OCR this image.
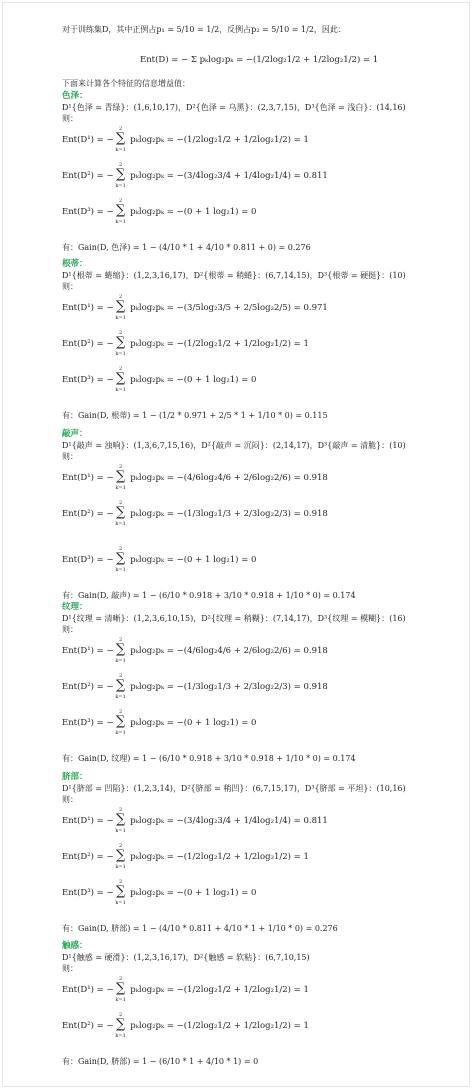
对于训练集D，其中正例占p₁ = 5/10 = 1/2，反例占p₂ = 5/10 = 1/2，因此：
Ent(D) = − Σ pₖlog₂pₖ = −(1/2log₂1/2 + 1/2log₂1/2) = 1
下面来计算各个特征的信息增益值：
色泽：
D¹{色泽 = 青绿}：(1,6,10,17)，D²{色泽 = 乌黑}：(2,3,7,15)，D³{色泽 = 浅白}：(14,16)
则：
Ent(D¹) = −
2
∑
k=1
pₖlog₂pₖ = −(1/2log₂1/2 + 1/2log₂1/2) = 1
Ent(D²) = −
2
∑
k=1
pₖlog₂pₖ = −(3/4log₂3/4 + 1/4log₂1/4) = 0.811
Ent(D³) = −
2
∑
k=1
pₖlog₂pₖ = −(0 + 1 log₂1) = 0
有：Gain(D, 色泽) = 1 − (4/10 * 1 + 4/10 * 0.811 + 0) = 0.276
根蒂：
D¹{根蒂 = 蜷缩}：(1,2,3,16,17)，D²{根蒂 = 稍蜷}：(6,7,14,15)，D³{根蒂 = 硬挺}：(10)
则：
Ent(D¹) = −
2
∑
k=1
pₖlog₂pₖ = −(3/5log₂3/5 + 2/5log₂2/5) = 0.971
Ent(D²) = −
2
∑
k=1
pₖlog₂pₖ = −(1/2log₂1/2 + 1/2log₂1/2) = 1
Ent(D³) = −
2
∑
k=1
pₖlog₂pₖ = −(0 + 1 log₂1) = 0
有：Gain(D, 根蒂) = 1 − (1/2 * 0.971 + 2/5 * 1 + 1/10 * 0) = 0.115
敲声：
D¹{敲声 = 浊响}：(1,3,6,7,15,16)，D²{敲声 = 沉闷}：(2,14,17)，D³{敲声 = 清脆}：(10)
则：
Ent(D¹) = −
2
∑
k=1
pₖlog₂pₖ = −(4/6log₂4/6 + 2/6log₂2/6) = 0.918
Ent(D²) = −
2
∑
k=1
pₖlog₂pₖ = −(1/3log₂1/3 + 2/3log₂2/3) = 0.918
Ent(D³) = −
2
∑
k=1
pₖlog₂pₖ = −(0 + 1 log₂1) = 0
有：Gain(D, 敲声) = 1 − (6/10 * 0.918 + 3/10 * 0.918 + 1/10 * 0) = 0.174
纹理：
D¹{纹理 = 清晰}：(1,2,3,6,10,15)，D²{纹理 = 稍糊}：(7,14,17)，D³{纹理 = 模糊}：(16)
则：
Ent(D¹) = −
2
∑
k=1
pₖlog₂pₖ = −(4/6log₂4/6 + 2/6log₂2/6) = 0.918
Ent(D²) = −
2
∑
k=1
pₖlog₂pₖ = −(1/3log₂1/3 + 2/3log₂2/3) = 0.918
Ent(D³) = −
2
∑
k=1
pₖlog₂pₖ = −(0 + 1 log₂1) = 0
有：Gain(D, 纹理) = 1 − (6/10 * 0.918 + 3/10 * 0.918 + 1/10 * 0) = 0.174
脐部：
D¹{脐部 = 凹陷}：(1,2,3,14)，D²{脐部 = 稍凹}：(6,7,15,17)，D³{脐部 = 平坦}：(10,16)
则：
Ent(D¹) = −
2
∑
k=1
pₖlog₂pₖ = −(3/4log₂3/4 + 1/4log₂1/4) = 0.811
Ent(D²) = −
2
∑
k=1
pₖlog₂pₖ = −(1/2log₂1/2 + 1/2log₂1/2) = 1
Ent(D³) = −
2
∑
k=1
pₖlog₂pₖ = −(0 + 1 log₂1) = 0
有：Gain(D, 脐部) = 1 − (4/10 * 0.811 + 4/10 * 1 + 1/10 * 0) = 0.276
触感：
D¹{触感 = 硬滑}：(1,2,3,16,17)，D²{触感 = 软粘}：(6,7,10,15)
则：
Ent(D¹) = −
2
∑
k=1
pₖlog₂pₖ = −(1/2log₂1/2 + 1/2log₂1/2) = 1
Ent(D²) = −
2
∑
k=1
pₖlog₂pₖ = −(1/2log₂1/2 + 1/2log₂1/2) = 1
有：Gain(D, 脐部) = 1 − (6/10 * 1 + 4/10 * 1) = 0
